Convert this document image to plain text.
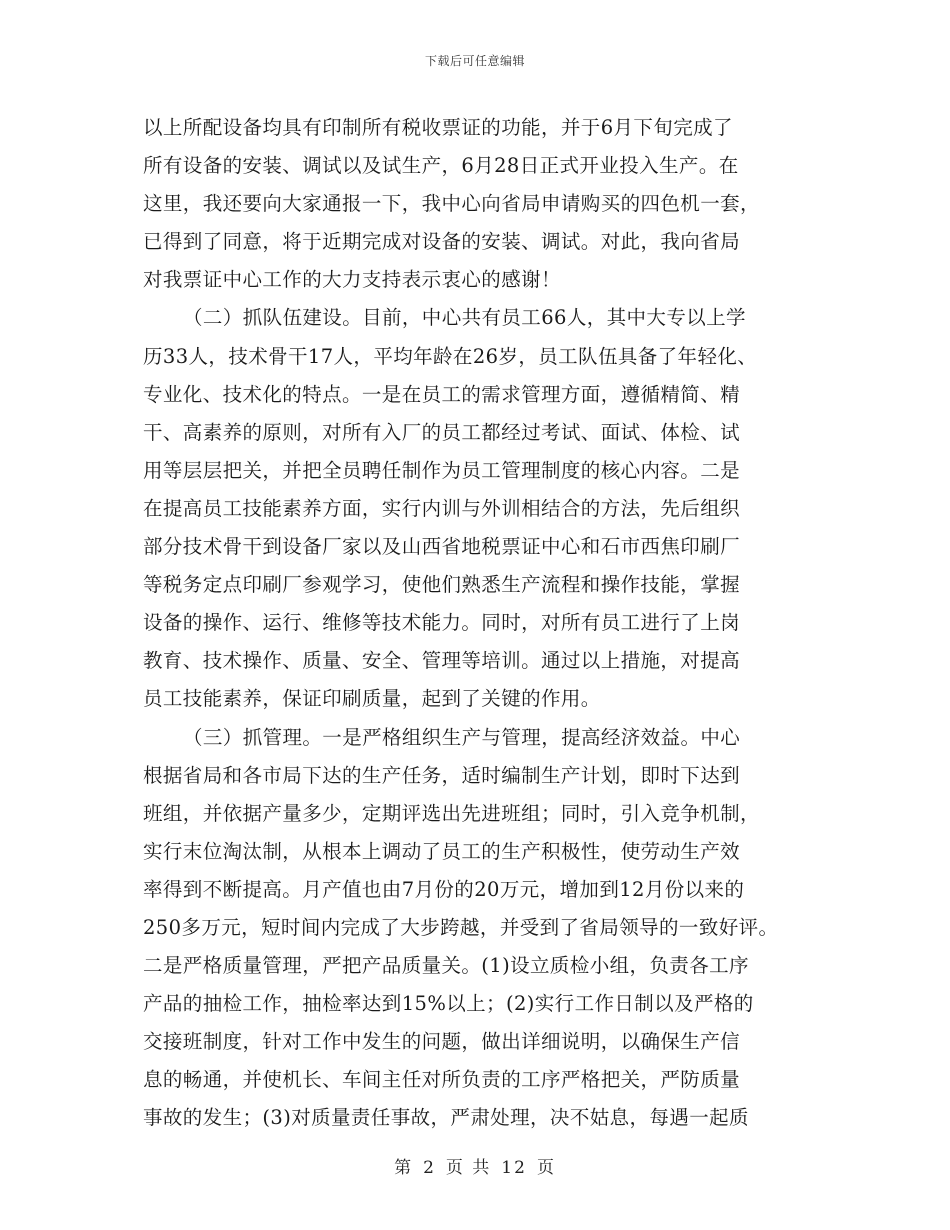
下载后可任意编辑
以上所配设备均具有印制所有税收票证的功能，并于6月下旬完成了
所有设备的安装、调试以及试生产，6月28日正式开业投入生产。在
这里，我还要向大家通报一下，我中心向省局申请购买的四色机一套，
已得到了同意，将于近期完成对设备的安装、调试。对此，我向省局
对我票证中心工作的大力支持表示衷心的感谢！
（二）抓队伍建设。目前，中心共有员工66人，其中大专以上学
历33人，技术骨干17人，平均年龄在26岁，员工队伍具备了年轻化、
专业化、技术化的特点。一是在员工的需求管理方面，遵循精简、精
干、高素养的原则，对所有入厂的员工都经过考试、面试、体检、试
用等层层把关，并把全员聘任制作为员工管理制度的核心内容。二是
在提高员工技能素养方面，实行内训与外训相结合的方法，先后组织
部分技术骨干到设备厂家以及山西省地税票证中心和石市西焦印刷厂
等税务定点印刷厂参观学习，使他们熟悉生产流程和操作技能，掌握
设备的操作、运行、维修等技术能力。同时，对所有员工进行了上岗
教育、技术操作、质量、安全、管理等培训。通过以上措施，对提高
员工技能素养，保证印刷质量，起到了关键的作用。
（三）抓管理。一是严格组织生产与管理，提高经济效益。中心
根据省局和各市局下达的生产任务，适时编制生产计划，即时下达到
班组，并依据产量多少，定期评选出先进班组；同时，引入竞争机制，
实行末位淘汰制，从根本上调动了员工的生产积极性，使劳动生产效
率得到不断提高。月产值也由7月份的20万元，增加到12月份以来的
250多万元，短时间内完成了大步跨越，并受到了省局领导的一致好评。
二是严格质量管理，严把产品质量关。(1)设立质检小组，负责各工序
产品的抽检工作，抽检率达到15%以上；(2)实行工作日制以及严格的
交接班制度，针对工作中发生的问题，做出详细说明，以确保生产信
息的畅通，并使机长、车间主任对所负责的工序严格把关，严防质量
事故的发生；(3)对质量责任事故，严肃处理，决不姑息，每遇一起质
第 2 页 共 12 页
